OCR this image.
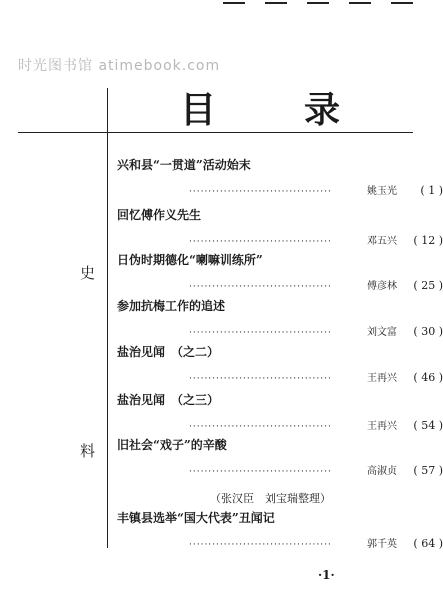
时光图书馆 atimebook.com
目 录
史
料
兴和县“一贯道”活动始末
·····································	姚玉光	( 1 )
回忆傅作义先生
·····································	邓五兴	( 12 )
日伪时期德化“喇嘛训练所”
·····································	傅彦林	( 25 )
参加抗梅工作的追述
·····································	刘文富	( 30 )
盐治见闻　（之二）
·····································	王再兴	( 46 )
盐治见闻　（之三）
·····································	王再兴	( 54 )
旧社会“戏子”的辛酸
·····································	高淑贞	( 57 )
丰镇县选举“国大代表”丑闻记
·····································	郭千英	( 64 )
（张汉臣　刘宝瑞整理）
·1·
